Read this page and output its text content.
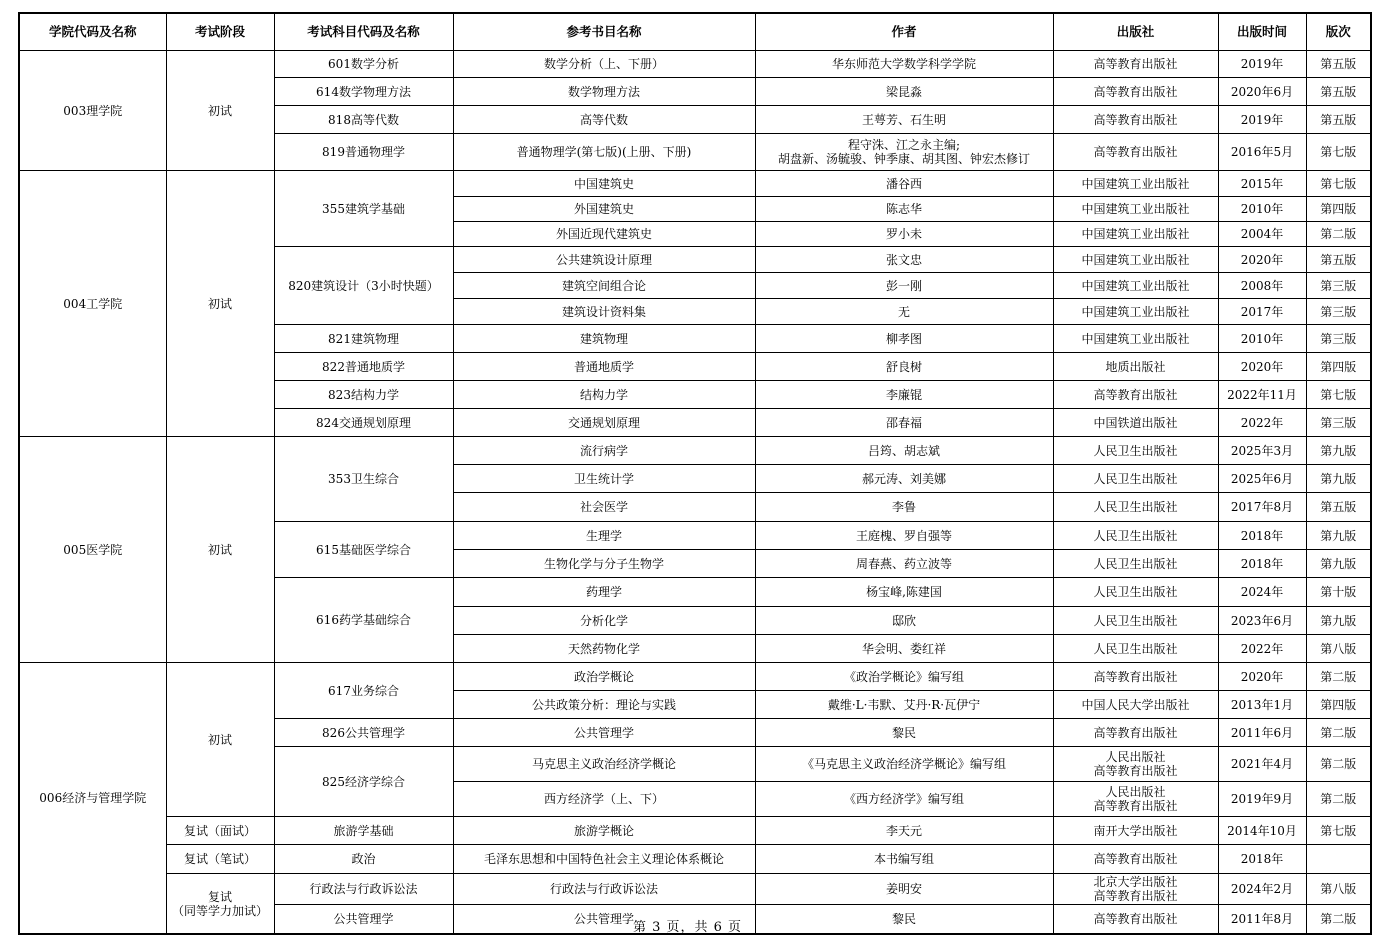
学院代码及名称	考试阶段	考试科目代码及名称	参考书目名称	作者	出版社	出版时间	版次
003理学院	初试	601数学分析	数学分析（上、下册）	华东师范大学数学科学学院	高等教育出版社	2019年	第五版
		614数学物理方法	数学物理方法	梁昆淼	高等教育出版社	2020年6月	第五版
		818高等代数	高等代数	王萼芳、石生明	高等教育出版社	2019年	第五版
		819普通物理学	普通物理学(第七版)(上册、下册)	程守洙、江之永主编;
胡盘新、汤毓骏、钟季康、胡其图、钟宏杰修订	高等教育出版社	2016年5月	第七版
004工学院	初试	355建筑学基础	中国建筑史	潘谷西	中国建筑工业出版社	2015年	第七版
			外国建筑史	陈志华	中国建筑工业出版社	2010年	第四版
			外国近现代建筑史	罗小未	中国建筑工业出版社	2004年	第二版
		820建筑设计（3小时快题）	公共建筑设计原理	张文忠	中国建筑工业出版社	2020年	第五版
			建筑空间组合论	彭一刚	中国建筑工业出版社	2008年	第三版
			建筑设计资料集	无	中国建筑工业出版社	2017年	第三版
		821建筑物理	建筑物理	柳孝图	中国建筑工业出版社	2010年	第三版
		822普通地质学	普通地质学	舒良树	地质出版社	2020年	第四版
		823结构力学	结构力学	李廉锟	高等教育出版社	2022年11月	第七版
		824交通规划原理	交通规划原理	邵春福	中国铁道出版社	2022年	第三版
005医学院	初试	353卫生综合	流行病学	吕筠、胡志斌	人民卫生出版社	2025年3月	第九版
			卫生统计学	郝元涛、刘美娜	人民卫生出版社	2025年6月	第九版
			社会医学	李鲁	人民卫生出版社	2017年8月	第五版
		615基础医学综合	生理学	王庭槐、罗自强等	人民卫生出版社	2018年	第九版
			生物化学与分子生物学	周春燕、药立波等	人民卫生出版社	2018年	第九版
		616药学基础综合	药理学	杨宝峰,陈建国	人民卫生出版社	2024年	第十版
			分析化学	邸欣	人民卫生出版社	2023年6月	第九版
			天然药物化学	华会明、娄红祥	人民卫生出版社	2022年	第八版
006经济与管理学院	初试	617业务综合	政治学概论	《政治学概论》编写组	高等教育出版社	2020年	第二版
			公共政策分析：理论与实践	戴维·L·韦默、艾丹·R·瓦伊宁	中国人民大学出版社	2013年1月	第四版
		826公共管理学	公共管理学	黎民	高等教育出版社	2011年6月	第二版
		825经济学综合	马克思主义政治经济学概论	《马克思主义政治经济学概论》编写组	人民出版社
高等教育出版社	2021年4月	第二版
			西方经济学（上、下）	《西方经济学》编写组	人民出版社
高等教育出版社	2019年9月	第二版
	复试（面试）	旅游学基础	旅游学概论	李天元	南开大学出版社	2014年10月	第七版
	复试（笔试）	政治	毛泽东思想和中国特色社会主义理论体系概论	本书编写组	高等教育出版社	2018年	
	复试
（同等学力加试）	行政法与行政诉讼法	行政法与行政诉讼法	姜明安	北京大学出版社
高等教育出版社	2024年2月	第八版
		公共管理学	公共管理学	黎民	高等教育出版社	2011年8月	第二版
第 3 页，共 6 页
